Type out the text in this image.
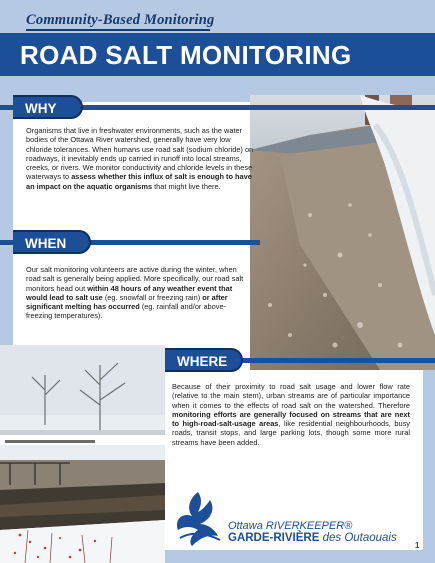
Community-Based Monitoring
ROAD SALT MONITORING
WHY
Organisms that live in freshwater environments, such as the water bodies of the Ottawa River watershed, generally have very low chloride tolerances. When humans use road salt (sodium chloride) on roadways, it inevitably ends up carried in runoff into local streams, creeks, or rivers. We monitor conductivity and chloride levels in these waterways to assess whether this influx of salt is enough to have an impact on the aquatic organisms that might live there.
WHEN
Our salt monitoring volunteers are active during the winter, when road salt is generally being applied. More specifically, our road salt monitors head out within 48 hours of any weather event that would lead to salt use (eg. snowfall or freezing rain) or after significant melting has occurred (eg. rainfall and/or above-freezing temperatures).
WHERE
Because of their proximity to road salt usage and lower flow rate (relative to the main stem), urban streams are of particular importance when it comes to the effects of road salt on the watershed. Therefore monitoring efforts are generally focused on streams that are next to high-road-salt-usage areas, like residential neighbourhoods, busy roads, transit stops, and large parking lots, though some more rural streams have been added.
Ottawa RIVERKEEPER®
GARDE-RIVIÈRE des Outaouais
1
